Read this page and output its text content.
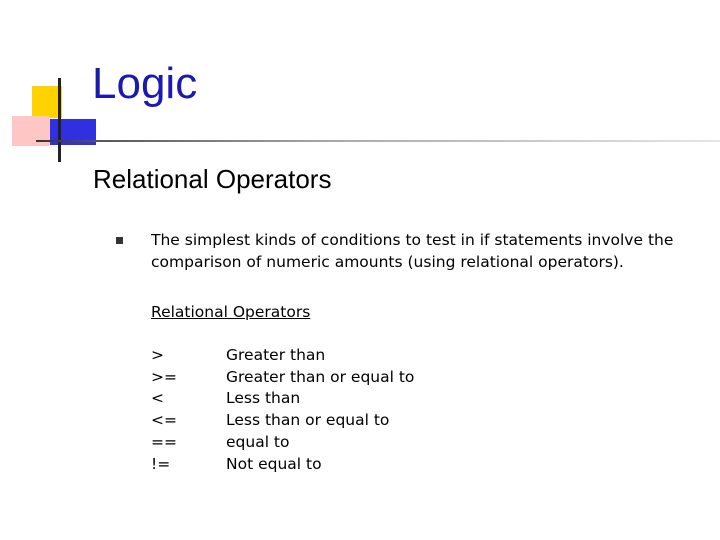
Logic
Relational Operators

The simplest kinds of conditions to test in if statements involve the comparison of numeric amounts (using relational operators).

Relational Operators

>	Greater than
>=	Greater than or equal to
<	Less than
<=	Less than or equal to
==	equal to
!=	Not equal to
